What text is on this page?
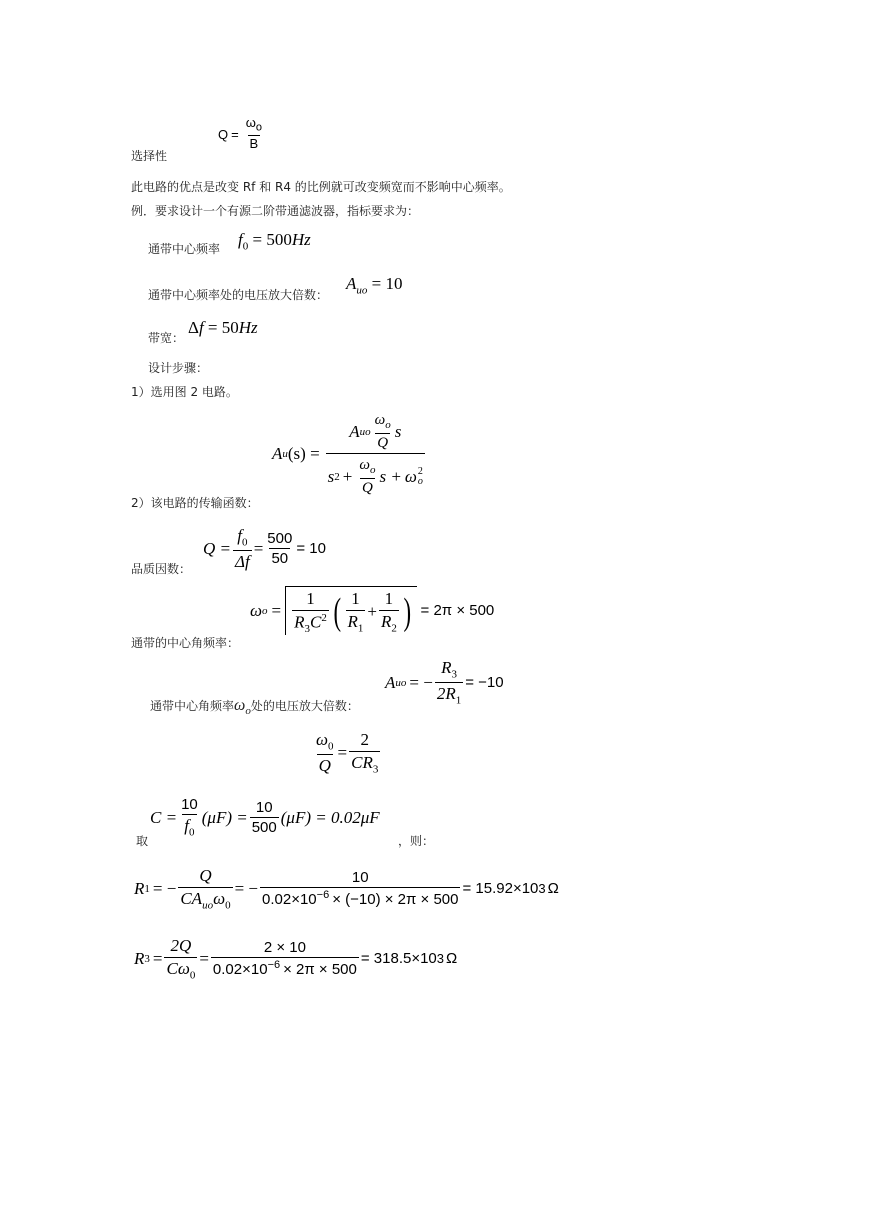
选择性
$Q = \frac{\omega_o}{B}$
此电路的优点是改变 Rf 和 R4 的比例就可改变频宽而不影响中心频率。
例．要求设计一个有源二阶带通滤波器，指标要求为：
通带中心频率 $f_0 = 500Hz$
通带中心频率处的电压放大倍数：
$A_{uo} = 10$
带宽：
Δf = 50Hz
设计步骤：
1）选用图 2 电路。
A u (s) =
A uo $\frac{\omega_o}{Q}$ s
s $2 + \frac{\omega_o}{Q}$ s + ω 2
o
2）该电路的传输函数：
品质因数：
$Q = \frac{f_0}{\Delta f} = \frac{500}{50} = 10$
通带的中心角频率：
ω $o = \frac{1}{R_3C^2}$ ( $\frac{1}{R_1} + \frac{1}{R_2}$ ) = 2π × 500
通带中心角频率$\omega_o$处的电压放大倍数：
A uo = − $\frac{R_3}{2R_1} = -10$
$\frac{\omega_0}{Q} = \frac{2}{CR_3}$
取
$C = \frac{10}{f_0} (\mu F) = \frac{10}{500} (\mu F) = 0.02\mu F$
，则：
R 1 = − $\frac{Q}{CA_{uo}\omega_0}$ = − $\frac{10}{0.02\times 10^{-6} \times (-10) \times 2\pi \times 500} = 15.92\times 10$ 3 Ω
R $3 = \frac{2Q}{C\omega_0} = \frac{2 \times 10}{0.02\times 10^{-6} \times 2\pi \times 500} = 318.5\times 10$ 3 Ω
